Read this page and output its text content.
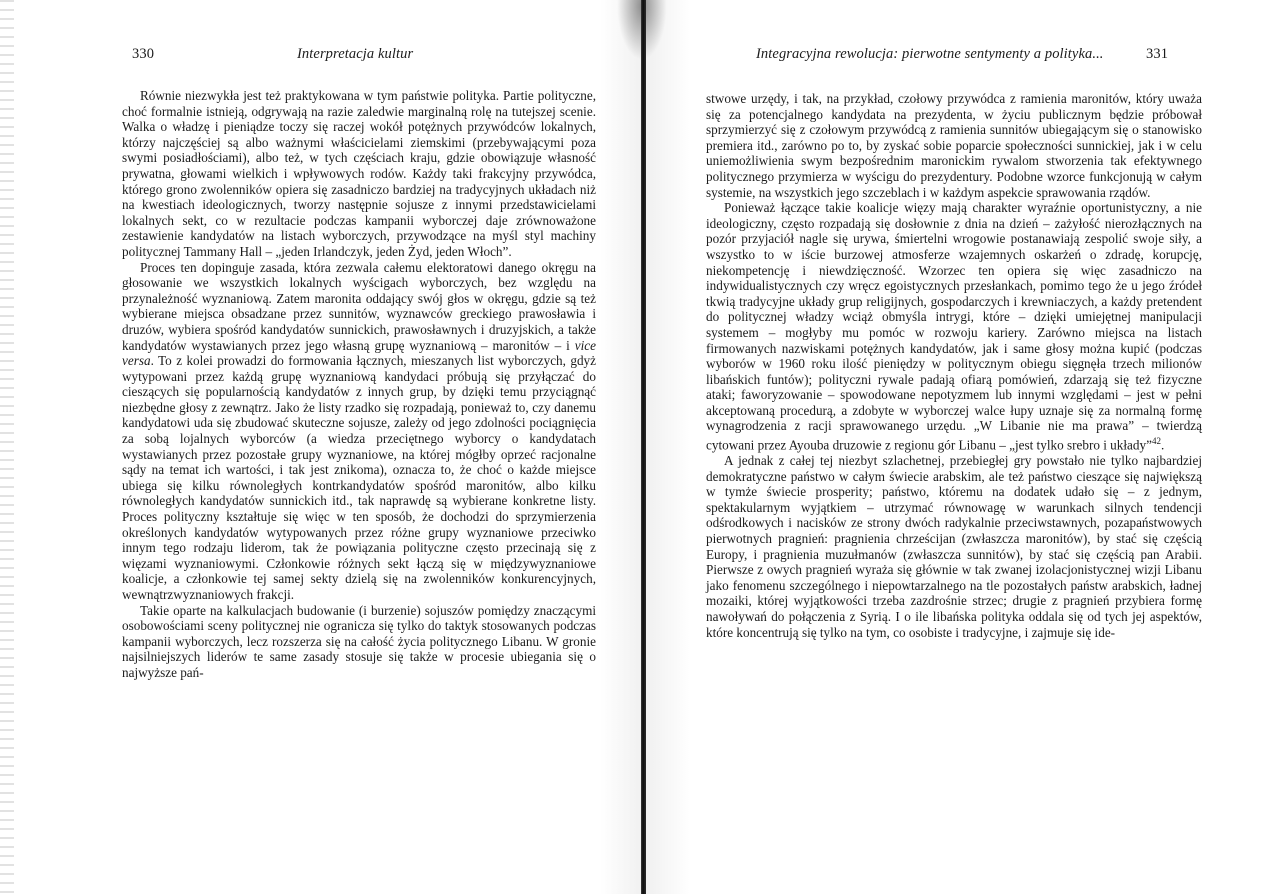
330	Interpretacja kultur

Równie niezwykła jest też praktykowana w tym państwie polityka. Partie polityczne, choć formalnie istnieją, odgrywają na razie zaledwie marginalną rolę na tutejszej scenie. Walka o władzę i pieniądze toczy się raczej wokół potężnych przywódców lokalnych, którzy najczęściej są albo ważnymi właścicielami ziemskimi (przebywającymi poza swymi posiadłościami), albo też, w tych częściach kraju, gdzie obowiązuje własność prywatna, głowami wielkich i wpływowych rodów. Każdy taki frakcyjny przywódca, którego grono zwolenników opiera się zasadniczo bardziej na tradycyjnych układach niż na kwestiach ideologicznych, tworzy następnie sojusze z innymi przedstawicielami lokalnych sekt, co w rezultacie podczas kampanii wyborczej daje zrównoważone zestawienie kandydatów na listach wyborczych, przywodzące na myśl styl machiny politycznej Tammany Hall – „jeden Irlandczyk, jeden Żyd, jeden Włoch”.

Proces ten dopinguje zasada, która zezwala całemu elektoratowi danego okręgu na głosowanie we wszystkich lokalnych wyścigach wyborczych, bez względu na przynależność wyznaniową. Zatem maronita oddający swój głos w okręgu, gdzie są też wybierane miejsca obsadzane przez sunnitów, wyznawców greckiego prawosławia i druzów, wybiera spośród kandydatów sunnickich, prawosławnych i druzyjskich, a także kandydatów wystawianych przez jego własną grupę wyznaniową – maronitów – i vice versa. To z kolei prowadzi do formowania łącznych, mieszanych list wyborczych, gdyż wytypowani przez każdą grupę wyznaniową kandydaci próbują się przyłączać do cieszących się popularnością kandydatów z innych grup, by dzięki temu przyciągnąć niezbędne głosy z zewnątrz. Jako że listy rzadko się rozpadają, ponieważ to, czy danemu kandydatowi uda się zbudować skuteczne sojusze, zależy od jego zdolności pociągnięcia za sobą lojalnych wyborców (a wiedza przeciętnego wyborcy o kandydatach wystawianych przez pozostałe grupy wyznaniowe, na której mógłby oprzeć racjonalne sądy na temat ich wartości, i tak jest znikoma), oznacza to, że choć o każde miejsce ubiega się kilku równoległych kontrkandydatów spośród maronitów, albo kilku równoległych kandydatów sunnickich itd., tak naprawdę są wybierane konkretne listy. Proces polityczny kształtuje się więc w ten sposób, że dochodzi do sprzymierzenia określonych kandydatów wytypowanych przez różne grupy wyznaniowe przeciwko innym tego rodzaju liderom, tak że powiązania polityczne często przecinają się z więzami wyznaniowymi. Członkowie różnych sekt łączą się w międzywyznaniowe koalicje, a członkowie tej samej sekty dzielą się na zwolenników konkurencyjnych, wewnątrzwyznaniowych frakcji.

Takie oparte na kalkulacjach budowanie (i burzenie) sojuszów pomiędzy znaczącymi osobowościami sceny politycznej nie ogranicza się tylko do taktyk stosowanych podczas kampanii wyborczych, lecz rozszerza się na całość życia politycznego Libanu. W gronie najsilniejszych liderów te same zasady stosuje się także w procesie ubiegania się o najwyższe pań-

Integracyjna rewolucja: pierwotne sentymenty a polityka...	331

stwowe urzędy, i tak, na przykład, czołowy przywódca z ramienia maronitów, który uważa się za potencjalnego kandydata na prezydenta, w życiu publicznym będzie próbował sprzymierzyć się z czołowym przywódcą z ramienia sunnitów ubiegającym się o stanowisko premiera itd., zarówno po to, by zyskać sobie poparcie społeczności sunnickiej, jak i w celu uniemożliwienia swym bezpośrednim maronickim rywalom stworzenia tak efektywnego politycznego przymierza w wyścigu do prezydentury. Podobne wzorce funkcjonują w całym systemie, na wszystkich jego szczeblach i w każdym aspekcie sprawowania rządów.

Ponieważ łączące takie koalicje więzy mają charakter wyraźnie oportunistyczny, a nie ideologiczny, często rozpadają się dosłownie z dnia na dzień – zażyłość nierozłącznych na pozór przyjaciół nagle się urywa, śmiertelni wrogowie postanawiają zespolić swoje siły, a wszystko to w iście burzowej atmosferze wzajemnych oskarżeń o zdradę, korupcję, niekompetencję i niewdzięczność. Wzorzec ten opiera się więc zasadniczo na indywidualistycznych czy wręcz egoistycznych przesłankach, pomimo tego że u jego źródeł tkwią tradycyjne układy grup religijnych, gospodarczych i krewniaczych, a każdy pretendent do politycznej władzy wciąż obmyśla intrygi, które – dzięki umiejętnej manipulacji systemem – mogłyby mu pomóc w rozwoju kariery. Zarówno miejsca na listach firmowanych nazwiskami potężnych kandydatów, jak i same głosy można kupić (podczas wyborów w 1960 roku ilość pieniędzy w politycznym obiegu sięgnęła trzech milionów libańskich funtów); polityczni rywale padają ofiarą pomówień, zdarzają się też fizyczne ataki; faworyzowanie – spowodowane nepotyzmem lub innymi względami – jest w pełni akceptowaną procedurą, a zdobyte w wyborczej walce łupy uznaje się za normalną formę wynagrodzenia z racji sprawowanego urzędu. „W Libanie nie ma prawa” – twierdzą cytowani przez Ayouba druzowie z regionu gór Libanu – „jest tylko srebro i układy”$^{42}$.

A jednak z całej tej niezbyt szlachetnej, przebiegłej gry powstało nie tylko najbardziej demokratyczne państwo w całym świecie arabskim, ale też państwo cieszące się największą w tymże świecie prosperity; państwo, któremu na dodatek udało się – z jednym, spektakularnym wyjątkiem – utrzymać równowagę w warunkach silnych tendencji odśrodkowych i nacisków ze strony dwóch radykalnie przeciwstawnych, pozapaństwowych pierwotnych pragnień: pragnienia chrześcijan (zwłaszcza maronitów), by stać się częścią Europy, i pragnienia muzułmanów (zwłaszcza sunnitów), by stać się częścią pan Arabii. Pierwsze z owych pragnień wyraża się głównie w tak zwanej izolacjonistycznej wizji Libanu jako fenomenu szczególnego i niepowtarzalnego na tle pozostałych państw arabskich, ładnej mozaiki, której wyjątkowości trzeba zazdrośnie strzec; drugie z pragnień przybiera formę nawoływań do połączenia z Syrią. I o ile libańska polityka oddala się od tych jej aspektów, które koncentrują się tylko na tym, co osobiste i tradycyjne, i zajmuje się ide-
